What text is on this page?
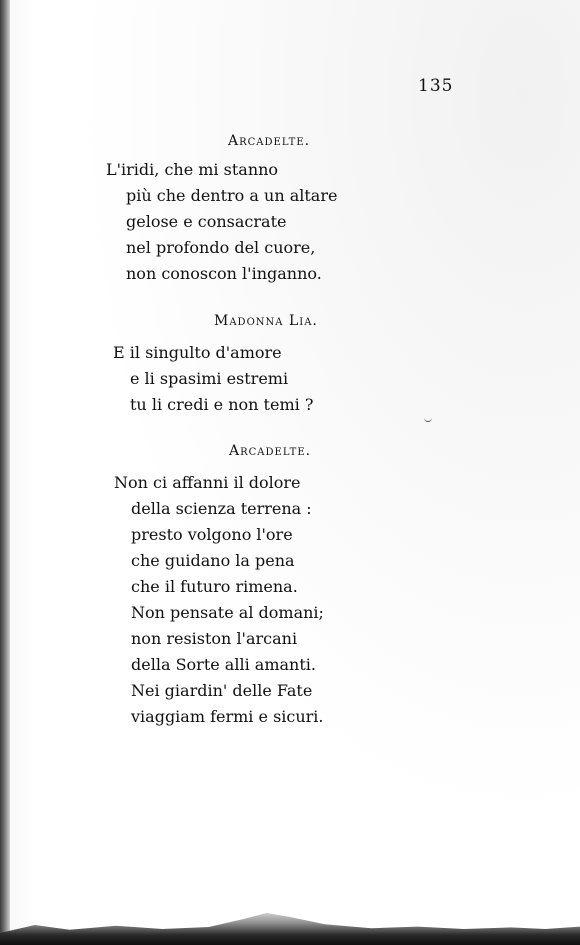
135
Arcadelte.
L'iridi, che mi stanno
più che dentro a un altare
gelose e consacrate
nel profondo del cuore,
non conoscon l'inganno.
Madonna Lia.
E il singulto d'amore
e li spasimi estremi
tu li credi e non temi ?
Arcadelte.
Non ci affanni il dolore
della scienza terrena :
presto volgono l'ore
che guidano la pena
che il futuro rimena.
Non pensate al domani;
non resiston l'arcani
della Sorte alli amanti.
Nei giardin' delle Fate
viaggiam fermi e sicuri.
